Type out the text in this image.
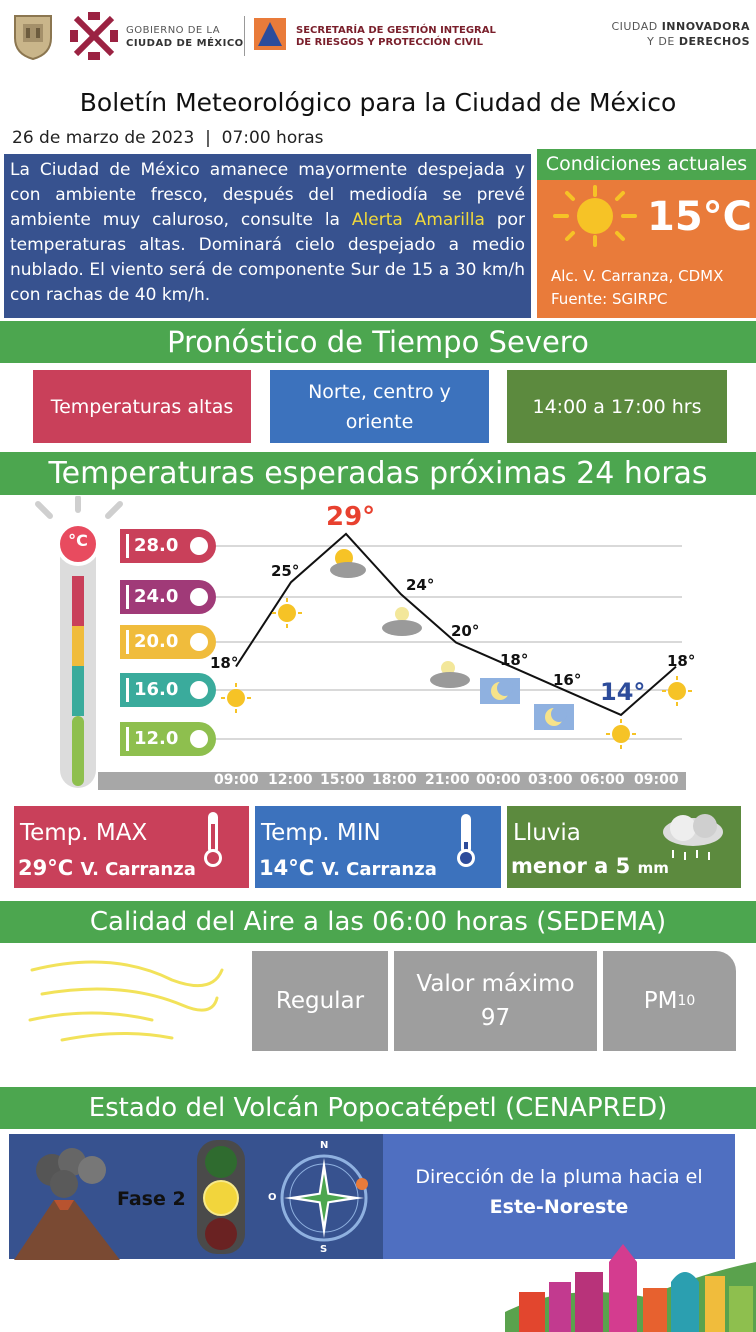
GOBIERNO DE LA
CIUDAD DE MÉXICO
SECRETARÍA DE GESTIÓN INTEGRAL
DE RIESGOS Y PROTECCIÓN CIVIL
CIUDAD INNOVADORA
Y DE DERECHOS
Boletín Meteorológico para la Ciudad de México
26 de marzo de 2023  |  07:00 horas
La Ciudad de México amanece mayormente despejada y con ambiente fresco, después del mediodía se prevé ambiente muy caluroso, consulte la Alerta Amarilla por temperaturas altas. Dominará cielo despejado a medio nublado. El viento será de componente Sur de 15 a 30 km/h con rachas de 40 km/h.
Condiciones actuales
15°C
Alc. V. Carranza, CDMX
Fuente: SGIRPC
Pronóstico de Tiempo Severo
Temperaturas altas
Norte, centro y oriente
14:00 a 17:00 hrs
Temperaturas esperadas próximas 24 horas
°C	28.0
24.0
20.0
16.0
12.0
09:00 12:00 15:00 18:00 21:00 00:00 03:00 06:00 09:00
18°
25°
29°
24°
20°
18°
16° 14°
18°
Temp. MAX
29°C V. Carranza
Temp. MIN
14°C V. Carranza
Lluvia
menor a 5 mm
Calidad del Aire a las 06:00 horas (SEDEMA)
Regular
Valor máximo
97
PM 10
Estado del Volcán Popocatépetl (CENAPRED)
Fase 2
N
S
O
Dirección de la pluma hacia el
Este-Noreste
